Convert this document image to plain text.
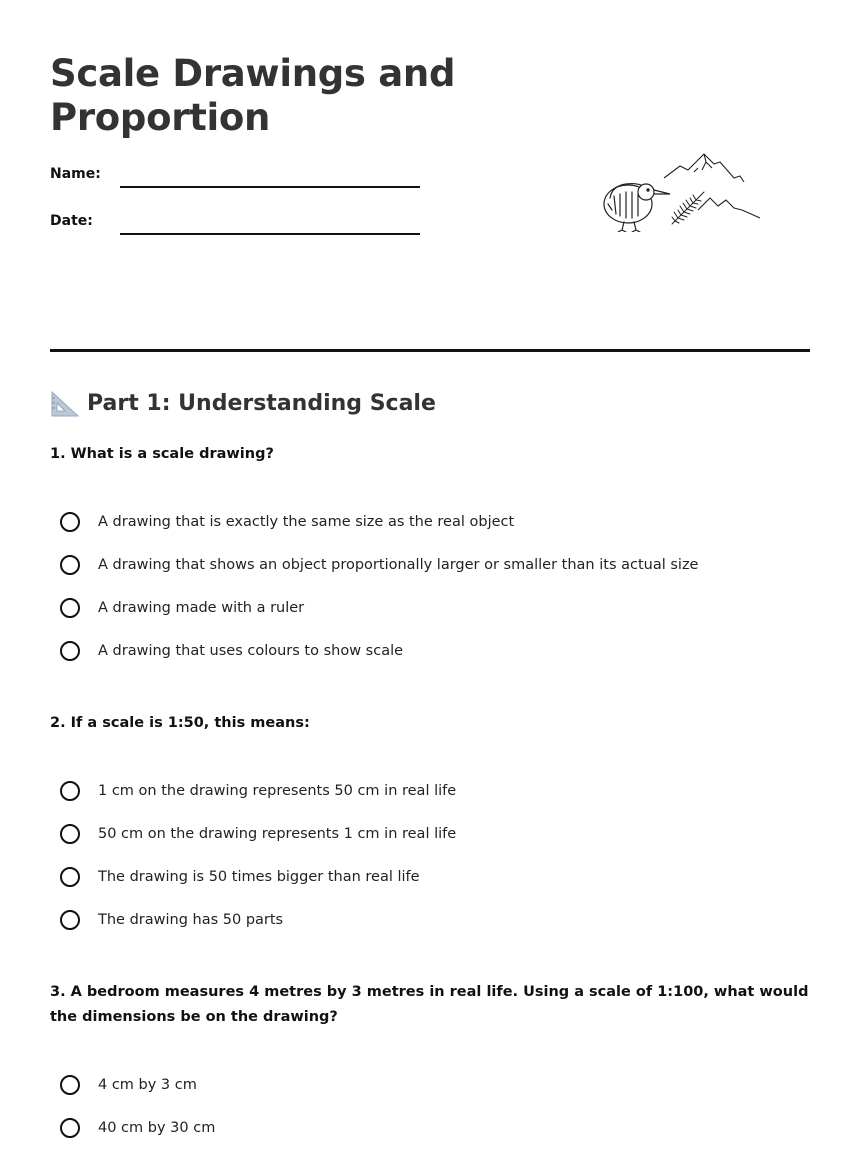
Scale Drawings and Proportion
Name:
Date:
Part 1: Understanding Scale

1. What is a scale drawing?

A drawing that is exactly the same size as the real object
A drawing that shows an object proportionally larger or smaller than its actual size
A drawing made with a ruler
A drawing that uses colours to show scale

2. If a scale is 1:50, this means:

1 cm on the drawing represents 50 cm in real life
50 cm on the drawing represents 1 cm in real life
The drawing is 50 times bigger than real life
The drawing has 50 parts

3. A bedroom measures 4 metres by 3 metres in real life. Using a scale of 1:100, what would the dimensions be on the drawing?

4 cm by 3 cm
40 cm by 30 cm
